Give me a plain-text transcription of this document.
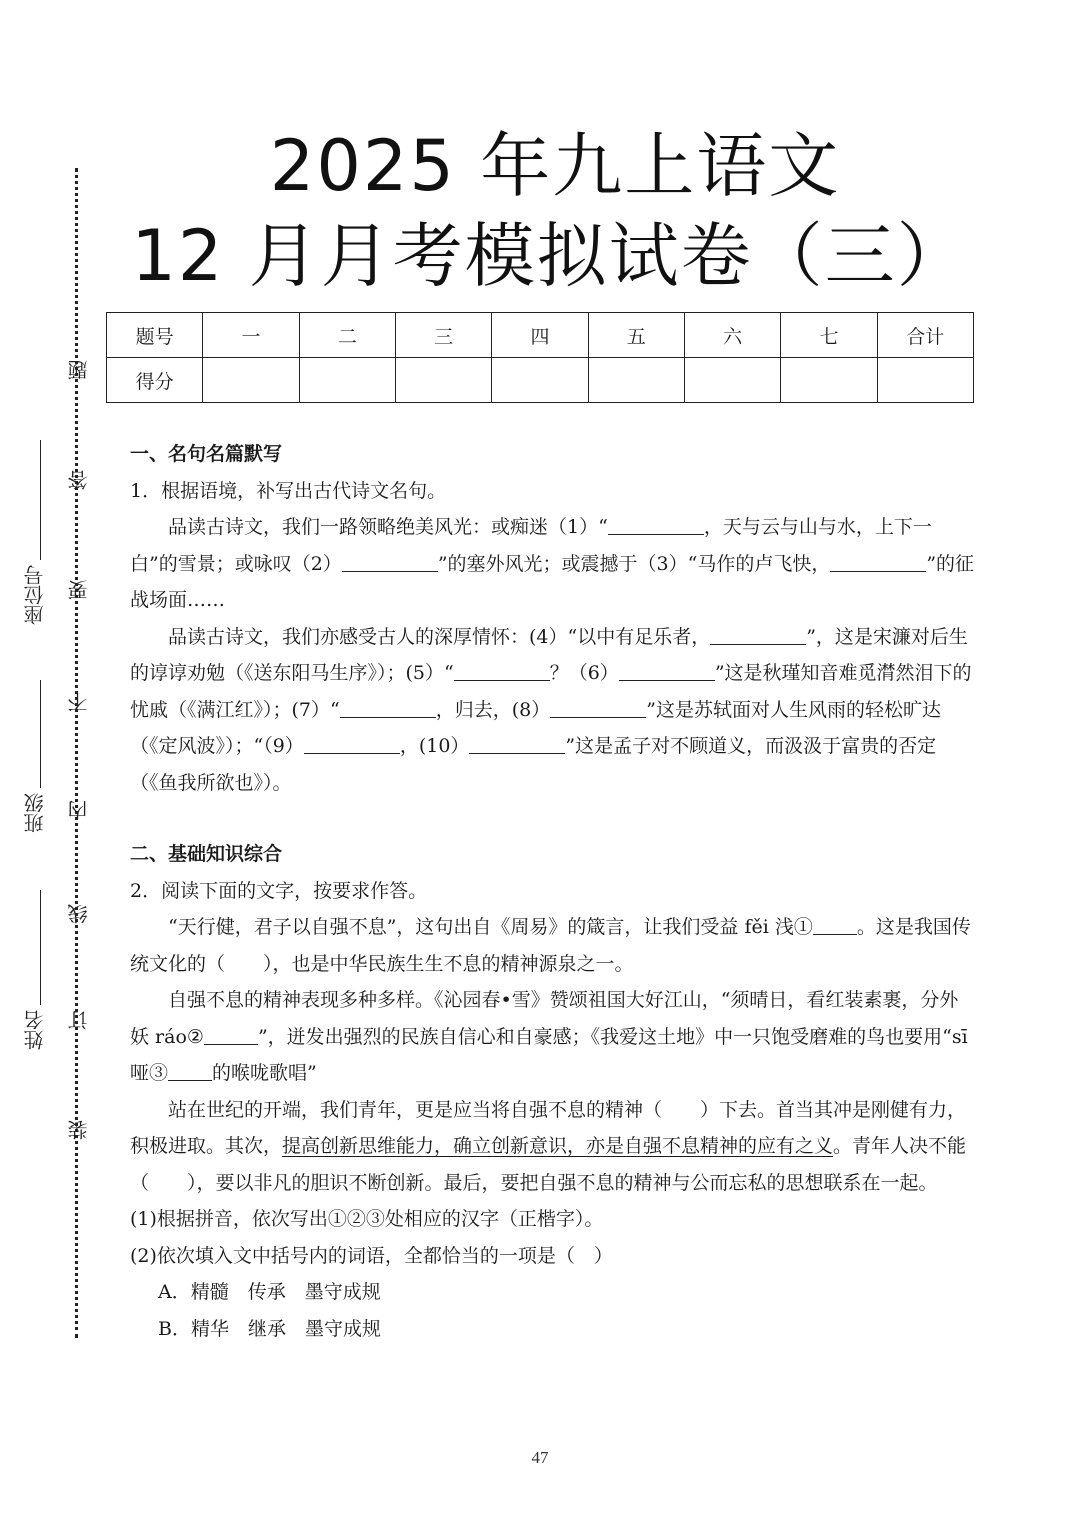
2025 年九上语文
12 月月考模拟试卷（三）
装
订
线
内
不
要
答
题
姓名
班级
座位号
题号	一	二	三	四	五	六	七	合计
得分								

一、名句名篇默写

1．根据语境，补写出古代诗文名句。

品读古诗文，我们一路领略绝美风光：或痴迷（1）“	，天与云与山与水，上下一白”的雪景；或咏叹（2）	”的塞外风光；或震撼于（3）“马作的卢飞快，	”的征战场面……

品读古诗文，我们亦感受古人的深厚情怀：(4）“以中有足乐者，	”，这是宋濂对后生的谆谆劝勉（《送东阳马生序》）；(5）“	？（6）	”这是秋瑾知音难觅潸然泪下的忧戚（《满江红》）；(7）“	，归去，(8）	”这是苏轼面对人生风雨的轻松旷达（《定风波》）；“（9）	，(10）	”这是孟子对不顾道义，而汲汲于富贵的否定（《鱼我所欲也》）。

二、基础知识综合

2．阅读下面的文字，按要求作答。

“天行健，君子以自强不息”，这句出自《周易》的箴言，让我们受益 fěi 浅① 。这是我国传统文化的（　　），也是中华民族生生不息的精神源泉之一。

自强不息的精神表现多种多样。《沁园春•雪》赞颂祖国大好江山，“须晴日，看红装素裹，分外妖 ráo②	”，迸发出强烈的民族自信心和自豪感；《我爱这土地》中一只饱受磨难的鸟也要用“sī哑③ 的喉咙歌唱”

站在世纪的开端，我们青年，更是应当将自强不息的精神（　　）下去。首当其冲是刚健有力，积极进取。其次，提高创新思维能力，确立创新意识，亦是自强不息精神的应有之义。青年人决不能（　　），要以非凡的胆识不断创新。最后，要把自强不息的精神与公而忘私的思想联系在一起。

(1)根据拼音，依次写出①②③处相应的汉字（正楷字）。

(2)依次填入文中括号内的词语，全都恰当的一项是（　）

A．精髓　传承　墨守成规

B．精华　继承　墨守成规

47
